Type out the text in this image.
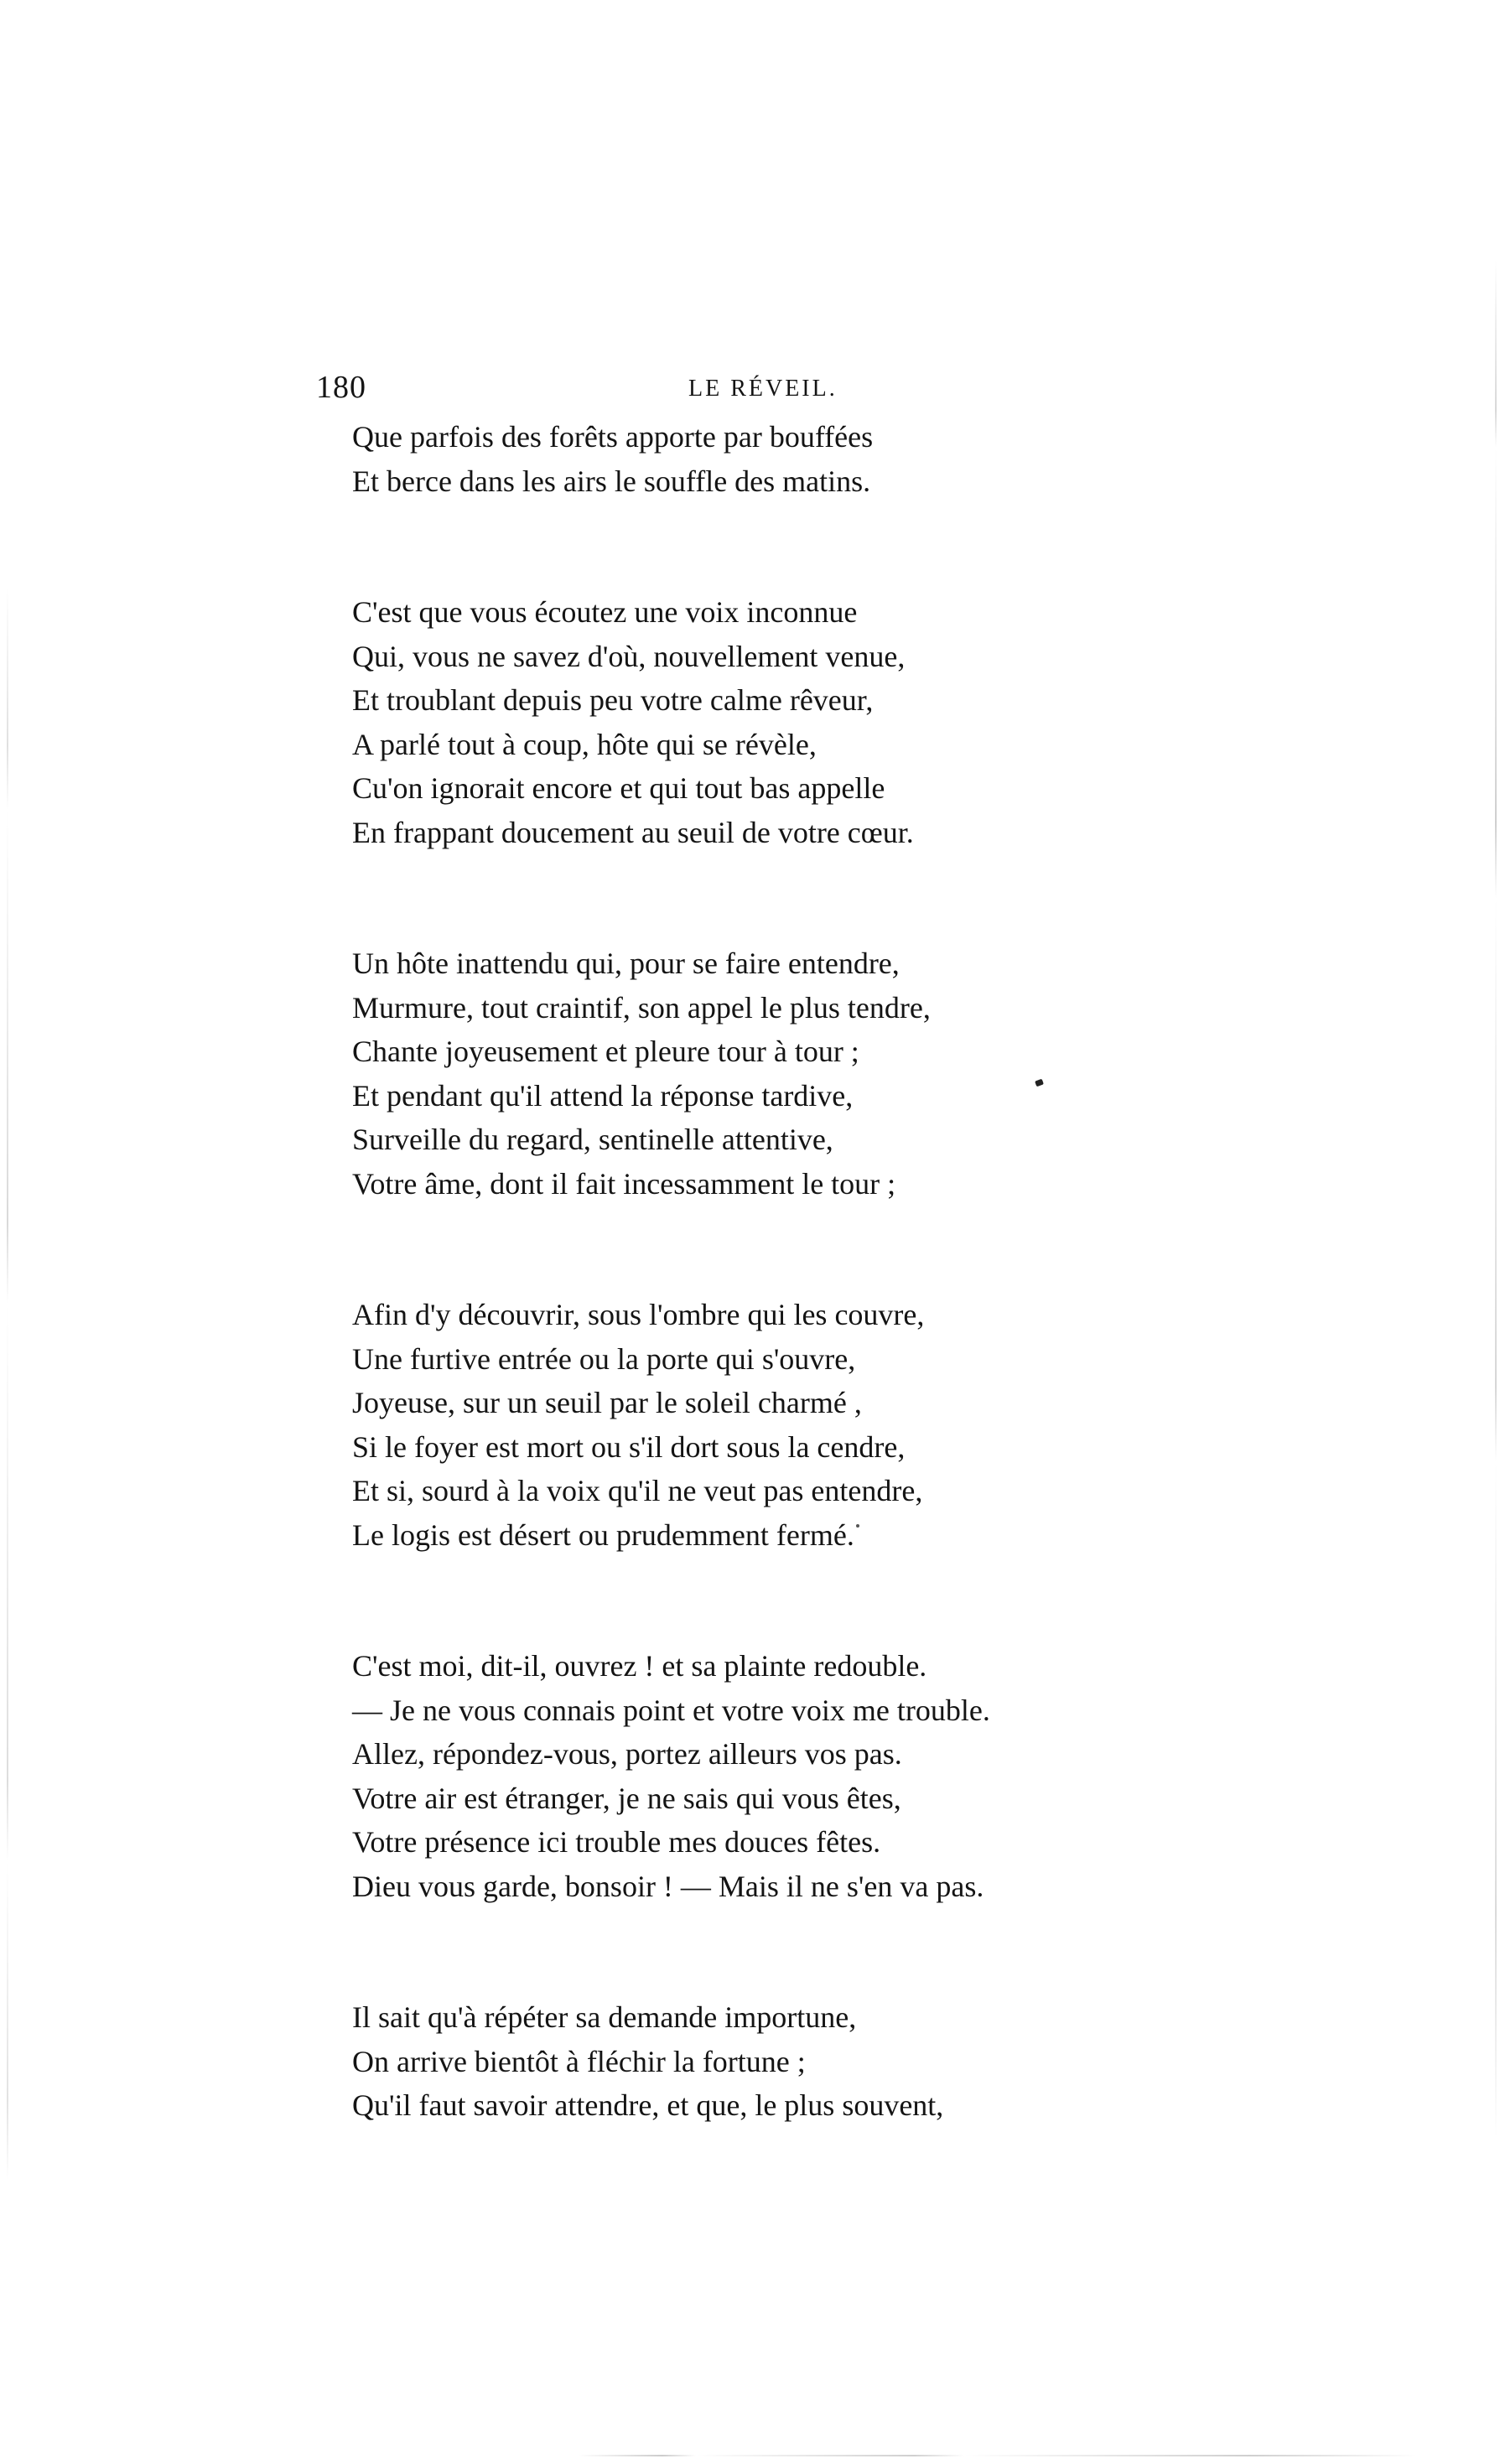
180	LE RÉVEIL.
Que parfois des forêts apporte par bouffées
Et berce dans les airs le souffle des matins.
C'est que vous écoutez une voix inconnue
Qui, vous ne savez d'où, nouvellement venue,
Et troublant depuis peu votre calme rêveur,
A parlé tout à coup, hôte qui se révèle,
Cu'on ignorait encore et qui tout bas appelle
En frappant doucement au seuil de votre cœur.
Un hôte inattendu qui, pour se faire entendre,
Murmure, tout craintif, son appel le plus tendre,
Chante joyeusement et pleure tour à tour ;
Et pendant qu'il attend la réponse tardive,
Surveille du regard, sentinelle attentive,
Votre âme, dont il fait incessamment le tour ;
Afin d'y découvrir, sous l'ombre qui les couvre,
Une furtive entrée ou la porte qui s'ouvre,
Joyeuse, sur un seuil par le soleil charmé ,
Si le foyer est mort ou s'il dort sous la cendre,
Et si, sourd à la voix qu'il ne veut pas entendre,
Le logis est désert ou prudemment fermé.
C'est moi, dit-il, ouvrez ! et sa plainte redouble.
— Je ne vous connais point et votre voix me trouble.
Allez, répondez-vous, portez ailleurs vos pas.
Votre air est étranger, je ne sais qui vous êtes,
Votre présence ici trouble mes douces fêtes.
Dieu vous garde, bonsoir ! — Mais il ne s'en va pas.
Il sait qu'à répéter sa demande importune,
On arrive bientôt à fléchir la fortune ;
Qu'il faut savoir attendre, et que, le plus souvent,
